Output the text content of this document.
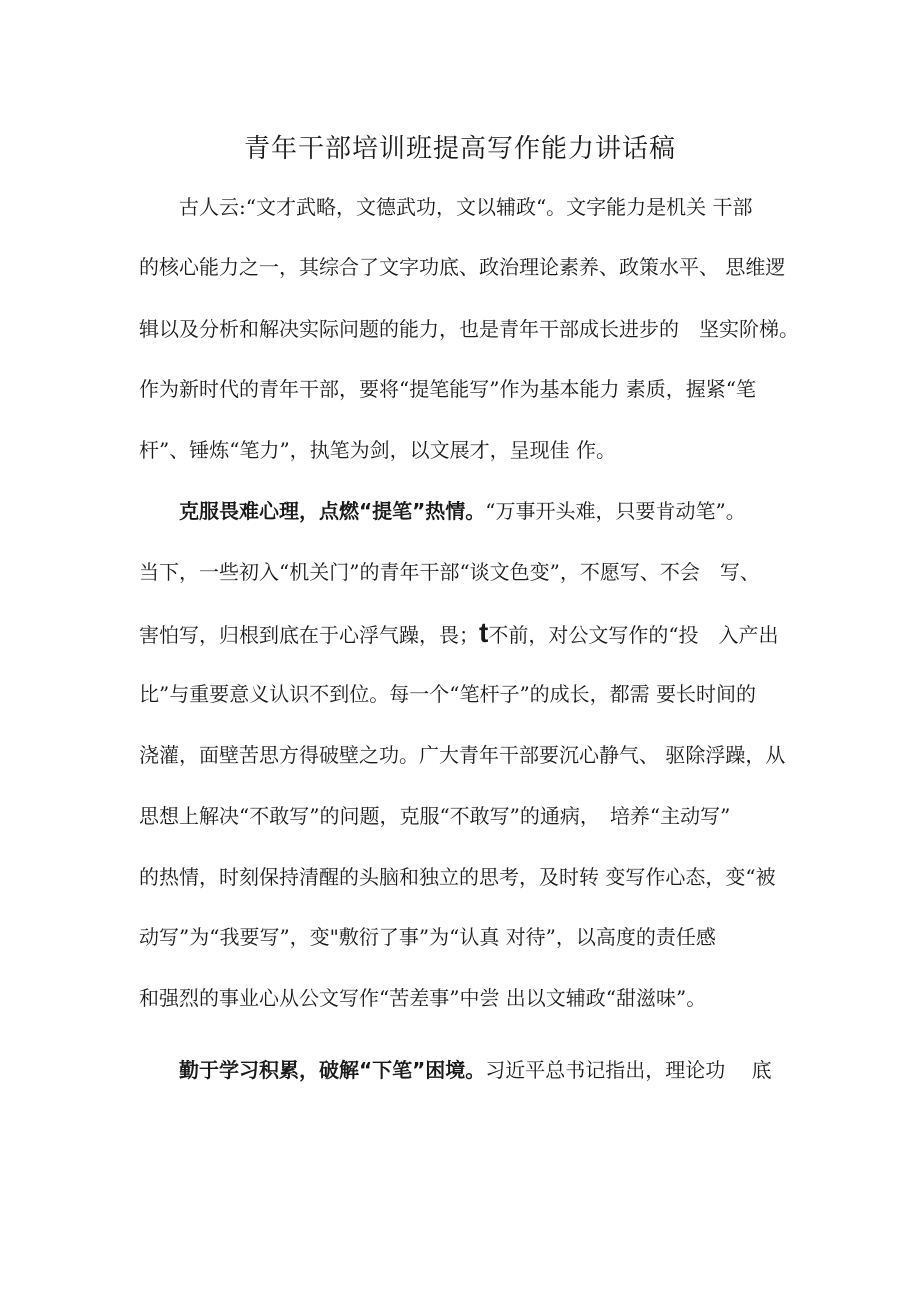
青年干部培训班提高写作能力讲话稿
古人云:“文才武略，文德武功，文以辅政“。文字能力是机关 干部
的核心能力之一，其综合了文字功底、政治理论素养、政策水平、 思维逻
辑以及分析和解决实际问题的能力，也是青年干部成长进步的　坚实阶梯。
作为新时代的青年干部，要将“提笔能写”作为基本能力 素质，握紧“笔
杆”、锤炼“笔力”，执笔为剑，以文展才，呈现佳 作。
克服畏难心理，点燃“提笔”热情。“万事开头难，只要肯动笔”。
当下，一些初入“机关门”的青年干部“谈文色变”，不愿写、不会　写、
害怕写，归根到底在于心浮气躁，畏；t不前，对公文写作的“投　入产出
比”与重要意义认识不到位。每一个“笔杆子”的成长，都需 要长时间的
浇灌，面壁苦思方得破壁之功。广大青年干部要沉心静气、 驱除浮躁，从
思想上解决“不敢写”的问题，克服“不敢写”的通病，　培养“主动写”
的热情，时刻保持清醒的头脑和独立的思考，及时转 变写作心态，变“被
动写”为“我要写”，变"敷衍了事”为“认真 对待”，以高度的责任感
和强烈的事业心从公文写作“苦差事”中尝 出以文辅政“甜滋味”。
勤于学习积累，破解“下笔”困境。习近平总书记指出，理论功　 底
